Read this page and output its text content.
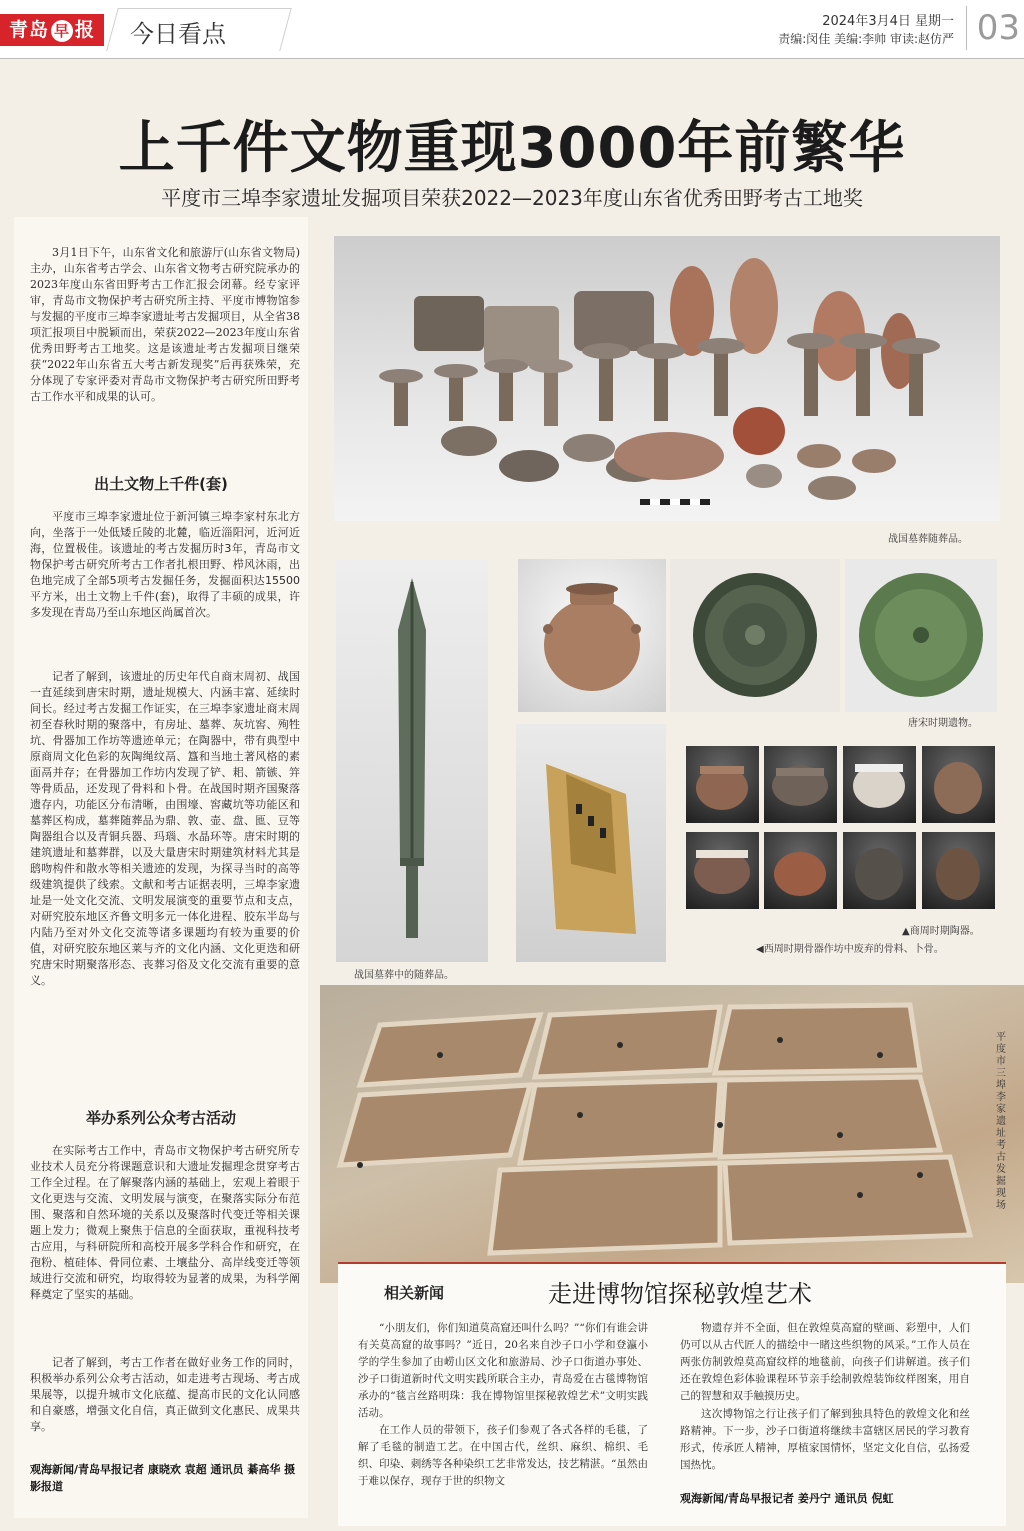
青岛 早 报	今日看点	2024年3月4日 星期一
责编:闵佳 美编:李帅 审读:赵仿严 03
上千件文物重现3000年前繁华
平度市三埠李家遗址发掘项目荣获2022—2023年度山东省优秀田野考古工地奖

3月1日下午，山东省文化和旅游厅(山东省文物局)主办，山东省考古学会、山东省文物考古研究院承办的2023年度山东省田野考古工作汇报会闭幕。经专家评审，青岛市文物保护考古研究所主持、平度市博物馆参与发掘的平度市三埠李家遗址考古发掘项目，从全省38项汇报项目中脱颖而出，荣获2022—2023年度山东省优秀田野考古工地奖。这是该遗址考古发掘项目继荣获“2022年山东省五大考古新发现奖”后再获殊荣，充分体现了专家评委对青岛市文物保护考古研究所田野考古工作水平和成果的认可。

出土文物上千件(套)

平度市三埠李家遗址位于新河镇三埠李家村东北方向，坐落于一处低矮丘陵的北麓，临近淄阳河，近河近海，位置极佳。该遗址的考古发掘历时3年，青岛市文物保护考古研究所考古工作者扎根田野、栉风沐雨，出色地完成了全部5项考古发掘任务，发掘面积达15500平方米，出土文物上千件(套)，取得了丰硕的成果，许多发现在青岛乃至山东地区尚属首次。

记者了解到，该遗址的历史年代自商末周初、战国一直延续到唐宋时期，遗址规模大、内涵丰富、延续时间长。经过考古发掘工作证实，在三埠李家遗址商末周初至春秋时期的聚落中，有房址、墓葬、灰坑窖、殉牲坑、骨器加工作坊等遗迹单元；在陶器中，带有典型中原商周文化色彩的灰陶绳纹鬲、簋和当地土著风格的素面鬲并存；在骨器加工作坊内发现了铲、耜、箭镞、笄等骨质品，还发现了骨料和卜骨。在战国时期齐国聚落遗存内，功能区分布清晰，由围壕、窖藏坑等功能区和墓葬区构成，墓葬随葬品为鼎、敦、壶、盘、匜、豆等陶器组合以及青铜兵器、玛瑙、水晶环等。唐宋时期的建筑遗址和墓葬群，以及大量唐宋时期建筑材料尤其是鸱吻构件和散水等相关遗迹的发现，为探寻当时的高等级建筑提供了线索。文献和考古证据表明，三埠李家遗址是一处文化交流、文明发展演变的重要节点和支点，对研究胶东地区齐鲁文明多元一体化进程、胶东半岛与内陆乃至对外文化交流等诸多课题均有较为重要的价值，对研究胶东地区莱与齐的文化内涵、文化更迭和研究唐宋时期聚落形态、丧葬习俗及文化交流有重要的意义。

举办系列公众考古活动

在实际考古工作中，青岛市文物保护考古研究所专业技术人员充分将课题意识和大遗址发掘理念贯穿考古工作全过程。在了解聚落内涵的基础上，宏观上着眼于文化更迭与交流、文明发展与演变，在聚落实际分布范围、聚落和自然环境的关系以及聚落时代变迁等相关课题上发力；微观上聚焦于信息的全面获取，重视科技考古应用，与科研院所和高校开展多学科合作和研究，在孢粉、植硅体、骨同位素、土壤盐分、高岸线变迁等领域进行交流和研究，均取得较为显著的成果，为科学阐释奠定了坚实的基础。

记者了解到，考古工作者在做好业务工作的同时，积极举办系列公众考古活动，如走进考古现场、考古成果展等，以提升城市文化底蕴、提高市民的文化认同感和自豪感，增强文化自信，真正做到文化惠民、成果共享。

观海新闻/青岛早报记者 康晓欢 袁超 通讯员 綦高华 摄影报道
战国墓葬随葬品。
战国墓葬中的随葬品。
唐宋时期遗物。
▲商周时期陶器。
◀西周时期骨器作坊中废弃的骨料、卜骨。
平度市三埠李家遗址考古发掘现场
相关新闻	走进博物馆探秘敦煌艺术

“小朋友们，你们知道莫高窟还叫什么吗？”“你们有谁会讲有关莫高窟的故事吗？”近日，20名来自沙子口小学和登瀛小学的学生参加了由崂山区文化和旅游局、沙子口街道办事处、沙子口街道新时代文明实践所联合主办，青岛爱在古毯博物馆承办的“毯言丝路明珠：我在博物馆里探秘敦煌艺术”文明实践活动。

在工作人员的带领下，孩子们参观了各式各样的毛毯，了解了毛毯的制造工艺。在中国古代，丝织、麻织、棉织、毛织、印染、刺绣等各种染织工艺非常发达，技艺精湛。“虽然由于难以保存，现存于世的织物文

物遗存并不全面，但在敦煌莫高窟的壁画、彩塑中，人们仍可以从古代匠人的描绘中一睹这些织物的风采。”工作人员在两张仿制敦煌莫高窟纹样的地毯前，向孩子们讲解道。孩子们还在敦煌色彩体验课程环节亲手绘制敦煌装饰纹样图案，用自己的智慧和双手触摸历史。

这次博物馆之行让孩子们了解到独具特色的敦煌文化和丝路精神。下一步，沙子口街道将继续丰富辖区居民的学习教育形式，传承匠人精神，厚植家国情怀，坚定文化自信，弘扬爱国热忱。

观海新闻/青岛早报记者 姜丹宁 通讯员 倪虹
